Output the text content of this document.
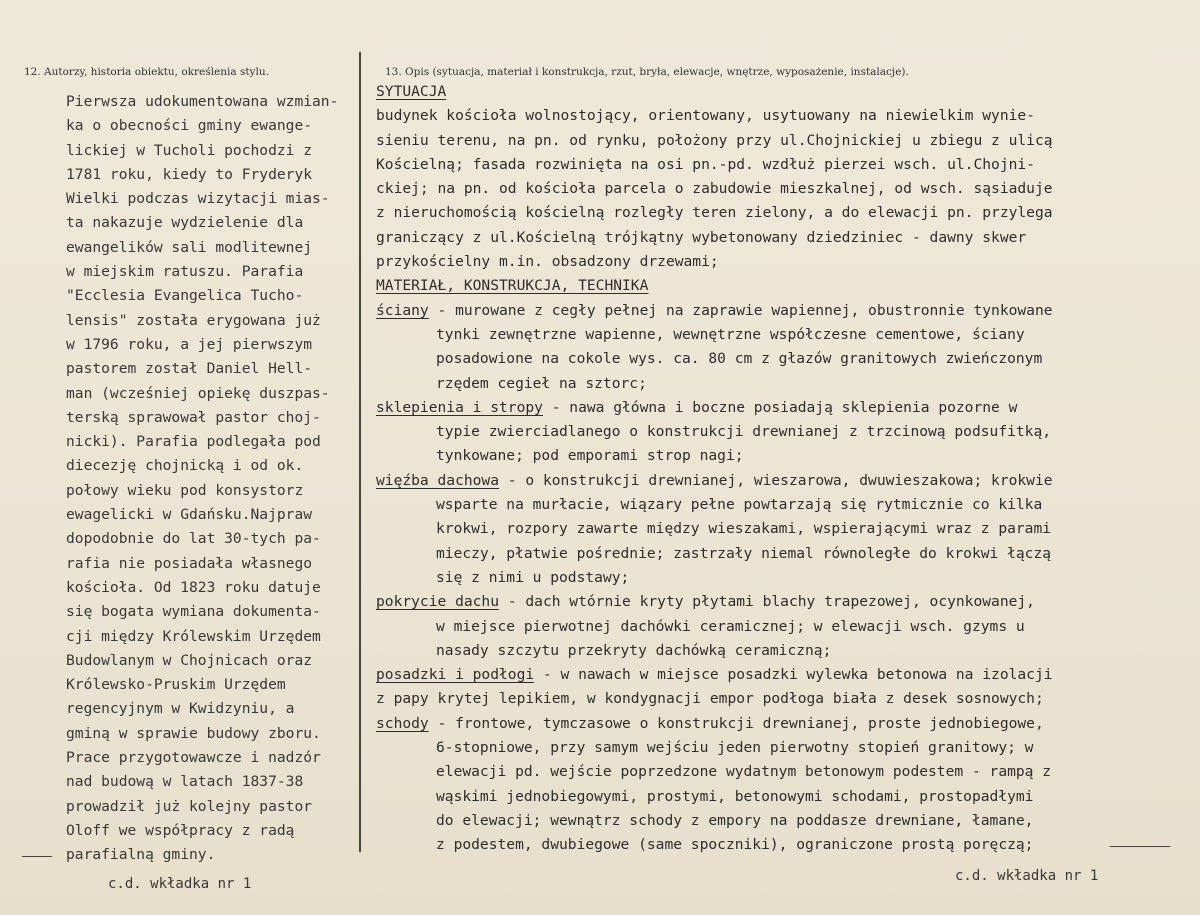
12. Autorzy, historia obiektu, określenia stylu.	13. Opis (sytuacja, materiał i konstrukcja, rzut, bryła, elewacje, wnętrze, wyposażenie, instalacje).
Pierwsza udokumentowana wzmian-
ka o obecności gminy ewange-
lickiej w Tucholi pochodzi z
1781 roku, kiedy to Fryderyk
Wielki podczas wizytacji mias-
ta nakazuje wydzielenie dla
ewangelików sali modlitewnej
w miejskim ratuszu. Parafia
"Ecclesia Evangelica Tuchо-
lensis" została erygowana już
w 1796 roku, a jej pierwszym
pastorem został Daniel Hell-
man (wcześniej opiekę duszpas-
terską sprawował pastor choj-
nicki). Parafia podlegała pod
diecezję chojnicką i od ok.
połowy wieku pod konsystorz
ewagelicki w Gdańsku.Najpraw
dopodobnie do lat 30-tych pa-
rafia nie posiadała własnego
kościoła. Od 1823 roku datuje
się bogata wymiana dokumenta-
cji między Królewskim Urzędem
Budowlanym w Chojnicach oraz
Królewsko-Pruskim Urzędem
regencyjnym w Kwidzyniu, a
gminą w sprawie budowy zboru.
Prace przygotowawcze i nadzór
nad budową w latach 1837-38
prowadził już kolejny pastor
Oloff we współpracy z radą
parafialną gminy.
c.d. wkładka nr 1
SYTUACJA
budynek kościoła wolnostojący, orientowany, usytuowany na niewielkim wynie-
sieniu terenu, na pn. od rynku, położony przy ul.Chojnickiej u zbiegu z ulicą
Kościelną; fasada rozwinięta na osi pn.-pd. wzdłuż pierzei wsch. ul.Chojni-
ckiej; na pn. od kościoła parcela o zabudowie mieszkalnej, od wsch. sąsiaduje
z nieruchomością kościelną rozległy teren zielony, a do elewacji pn. przylega
graniczący z ul.Kościelną trójkątny wybetonowany dziedziniec - dawny skwer
przykościelny m.in. obsadzony drzewami;
MATERIAŁ, KONSTRUKCJA, TECHNIKA
ściany - murowane z cegły pełnej na zaprawie wapiennej, obustronnie tynkowane
tynki zewnętrzne wapienne, wewnętrzne współczesne cementowe, ściany
posadowione na cokole wys. ca. 80 cm z głazów granitowych zwieńczonym
rzędem cegieł na sztorc;
sklepienia i stropy - nawa główna i boczne posiadają sklepienia pozorne w
typie zwierciadlanego o konstrukcji drewnianej z trzcinową podsufitką,
tynkowane; pod emporami strop nagi;
więźba dachowa - o konstrukcji drewnianej, wieszarowa, dwuwieszakowa; krokwie
wsparte na murłacie, wiązary pełne powtarzają się rytmicznie co kilka
krokwi, rozpory zawarte między wieszakami, wspierającymi wraz z parami
mieczy, płatwie pośrednie; zastrzały niemal równoległe do krokwi łączą
się z nimi u podstawy;
pokrycie dachu - dach wtórnie kryty płytami blachy trapezowej, ocynkowanej,
w miejsce pierwotnej dachówki ceramicznej; w elewacji wsch. gzyms u
nasady szczytu przekryty dachówką ceramiczną;
posadzki i podłogi - w nawach w miejsce posadzki wylewka betonowa na izolacji
z papy krytej lepikiem, w kondygnacji empor podłoga biała z desek sosnowych;
schody - frontowe, tymczasowe o konstrukcji drewnianej, proste jednobiegowe,
6-stopniowe, przy samym wejściu jeden pierwotny stopień granitowy; w
elewacji pd. wejście poprzedzone wydatnym betonowym podestem - rampą z
wąskimi jednobiegowymi, prostymi, betonowymi schodami, prostopadłymi
do elewacji; wewnątrz schody z empory na poddasze drewniane, łamane,
z podestem, dwubiegowe (same spoczniki), ograniczone prostą poręczą;
c.d. wkładka nr 1
